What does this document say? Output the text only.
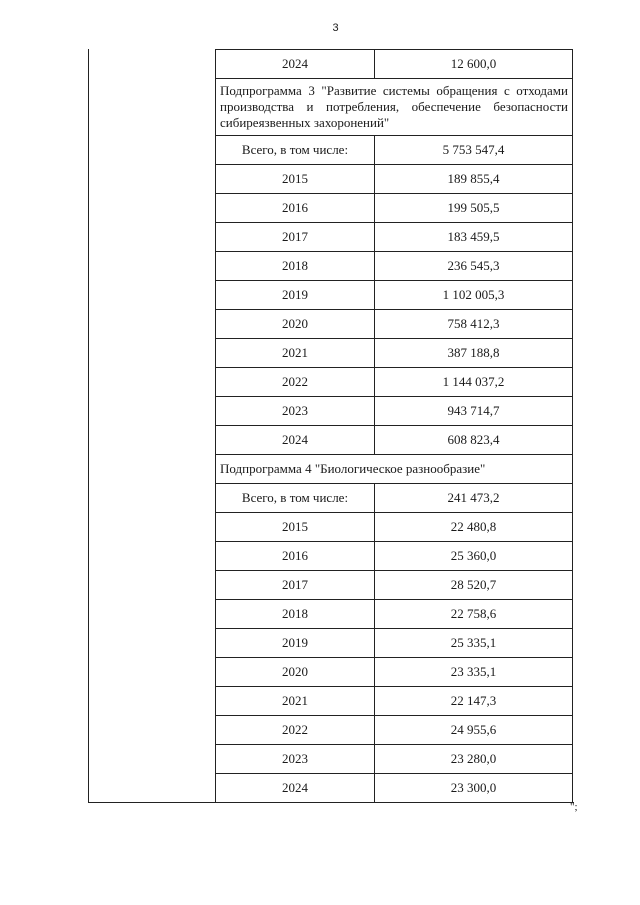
3
2024	12 600,0
Подпрограмма 3 "Развитие системы обращения с отходами производства и потребления, обеспечение безопасности сибиреязвенных захоронений"	
Всего, в том числе:	5 753 547,4
2015	189 855,4
2016	199 505,5
2017	183 459,5
2018	236 545,3
2019	1 102 005,3
2020	758 412,3
2021	387 188,8
2022	1 144 037,2
2023	943 714,7
2024	608 823,4
Подпрограмма 4 "Биологическое разнообразие"	
Всего, в том числе:	241 473,2
2015	22 480,8
2016	25 360,0
2017	28 520,7
2018	22 758,6
2019	25 335,1
2020	23 335,1
2021	22 147,3
2022	24 955,6
2023	23 280,0
2024	23 300,0
";
